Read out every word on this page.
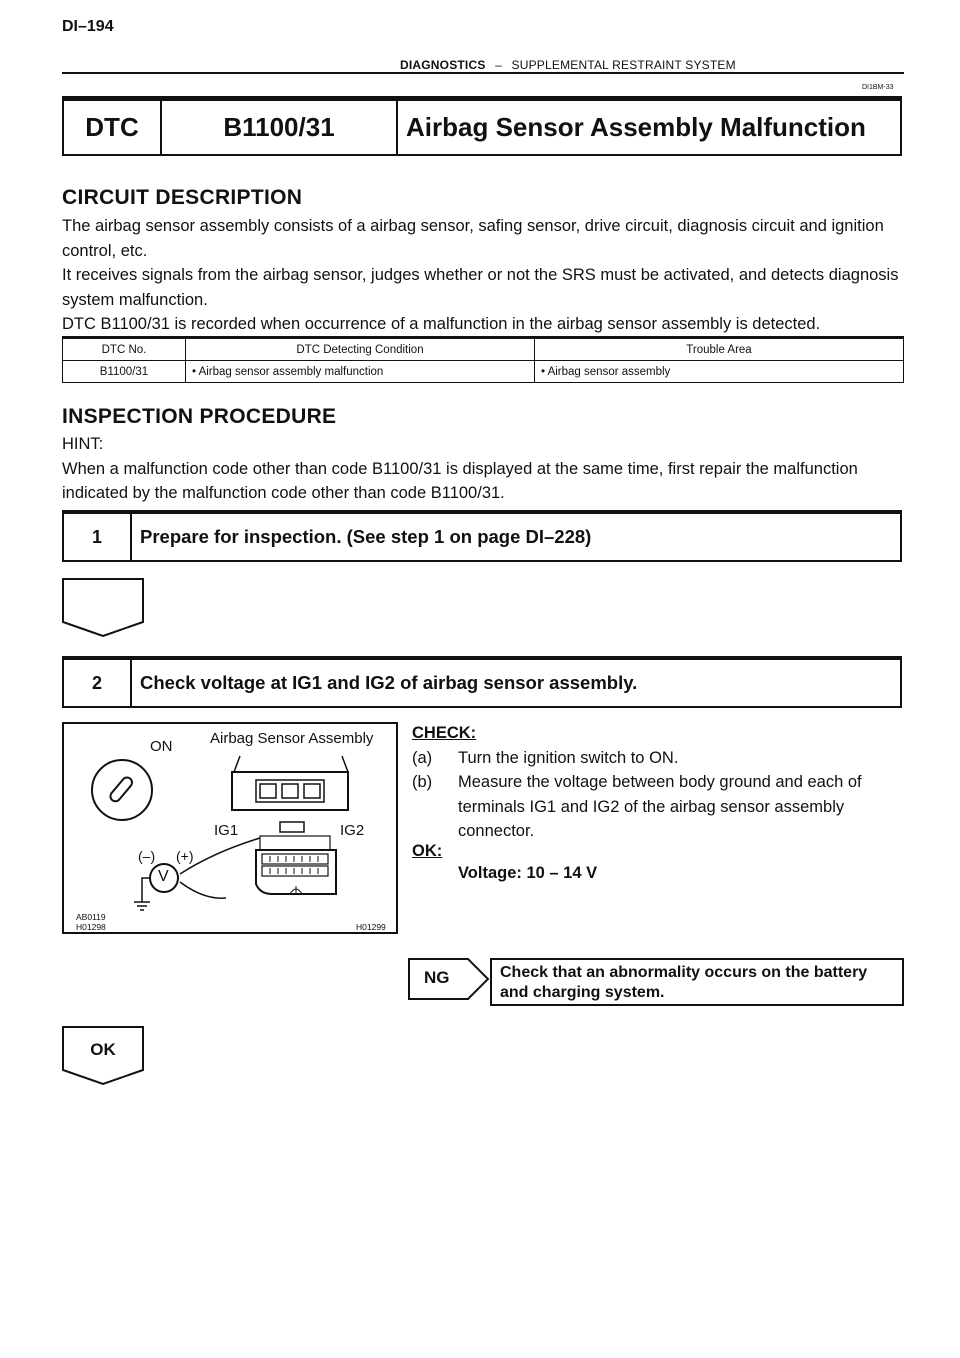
DI–194
DIAGNOSTICS – SUPPLEMENTAL RESTRAINT SYSTEM
DI1BM-33
DTC	B1100/31	Airbag Sensor Assembly Malfunction
CIRCUIT DESCRIPTION
The airbag sensor assembly consists of a airbag sensor, safing sensor, drive circuit, diagnosis circuit and ignition control, etc.
It receives signals from the airbag sensor, judges whether or not the SRS must be activated, and detects diagnosis system malfunction.
DTC B1100/31 is recorded when occurrence of a malfunction in the airbag sensor assembly is detected.
DTC No.	DTC Detecting Condition	Trouble Area
B1100/31	• Airbag sensor assembly malfunction	• Airbag sensor assembly
INSPECTION PROCEDURE
HINT:
When a malfunction code other than code B1100/31 is displayed at the same time, first repair the malfunction indicated by the malfunction code other than code B1100/31.
1	Prepare for inspection. (See step 1 on page DI–228)
2	Check voltage at IG1 and IG2 of airbag sensor assembly.
ON	Airbag Sensor Assembly
IG1	IG2
(–) (+)
V
AB0119
H01298	H01299
CHECK:
(a) Turn the ignition switch to ON.
(b)	Measure the voltage between body ground and each of terminals IG1 and IG2 of the airbag sensor assembly connector.
OK:
Voltage: 10 – 14 V
NG	Check that an abnormality occurs on the battery and charging system.
OK
